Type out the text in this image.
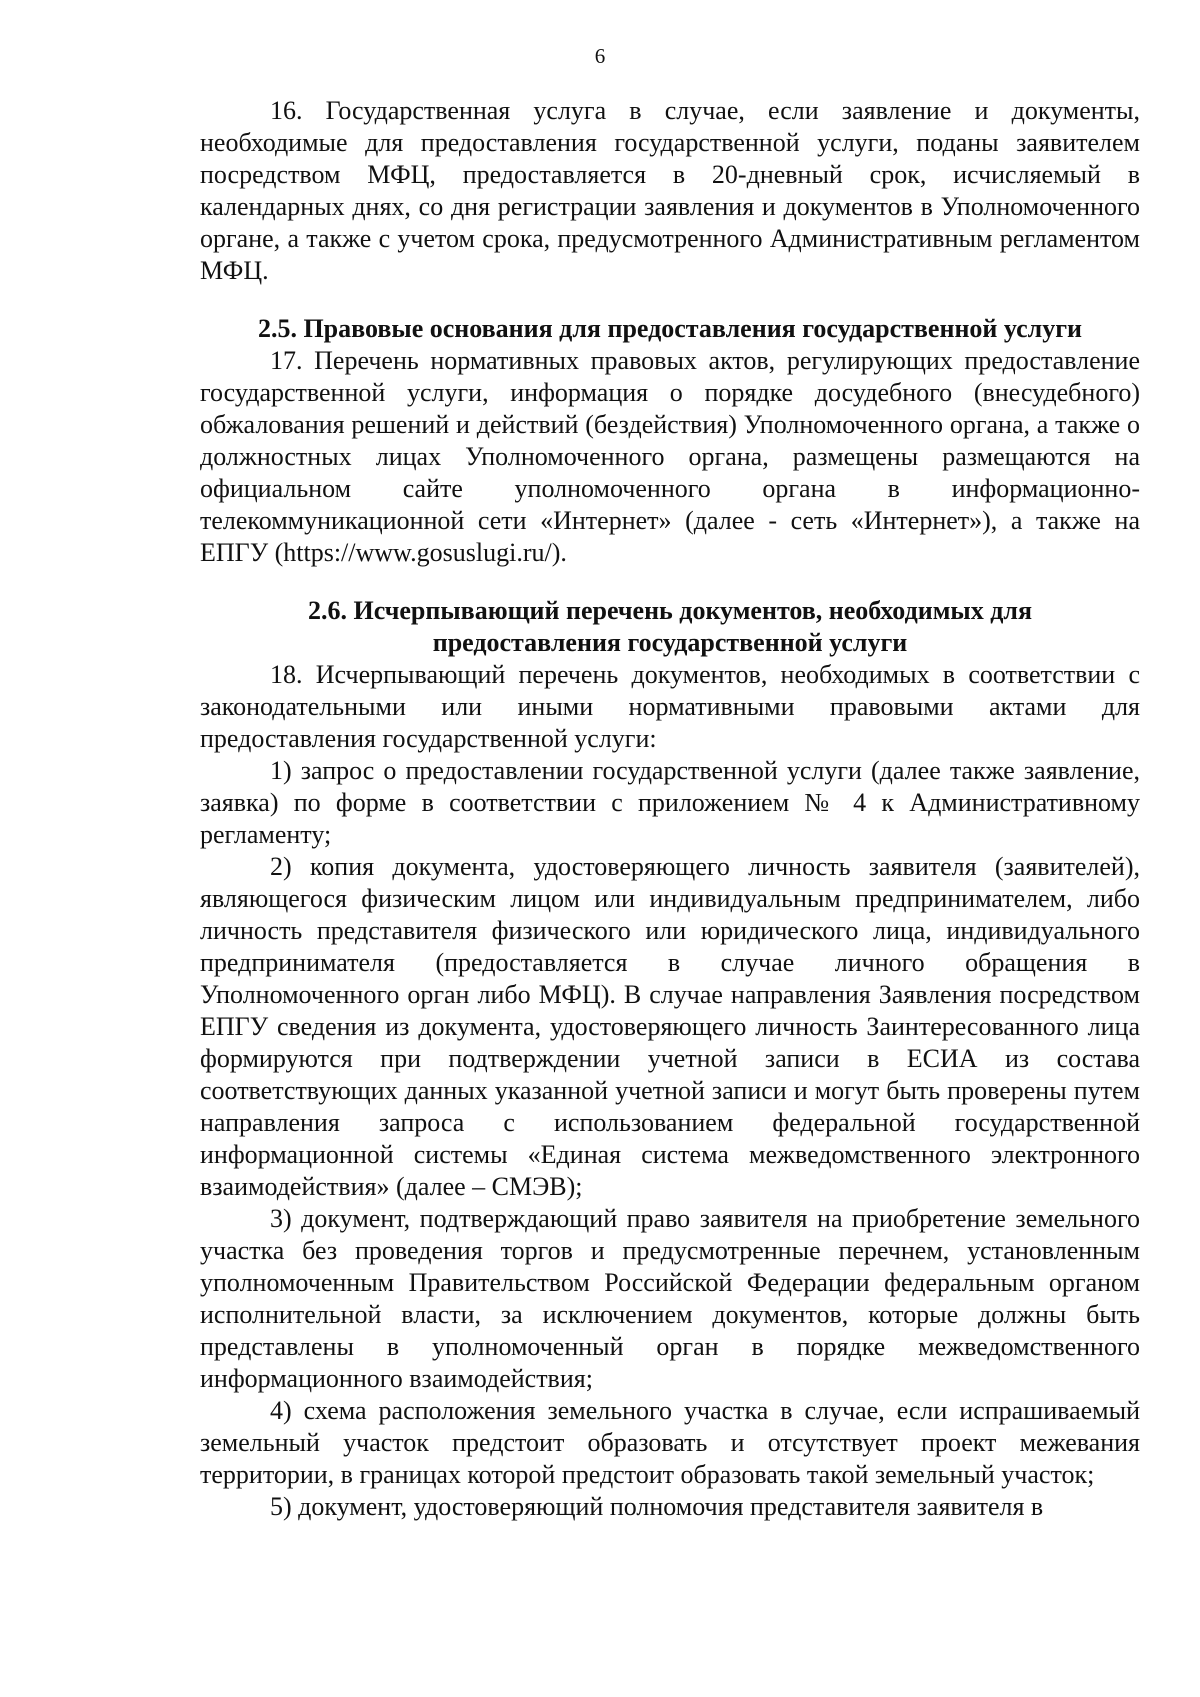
6

16. Государственная услуга в случае, если заявление и документы, необходимые для предоставления государственной услуги, поданы заявителем посредством МФЦ, предоставляется в 20-дневный срок, исчисляемый в календарных днях, со дня регистрации заявления и документов в Уполномоченного органе, а также с учетом срока, предусмотренного Административным регламентом МФЦ.

2.5. Правовые основания для предоставления государственной услуги

17. Перечень нормативных правовых актов, регулирующих предоставление государственной услуги, информация о порядке досудебного (внесудебного) обжалования решений и действий (бездействия) Уполномоченного органа, а также о должностных лицах Уполномоченного органа, размещены размещаются на официальном сайте уполномоченного органа в информационно-телекоммуникационной сети «Интернет» (далее - сеть «Интернет»), а также на ЕПГУ (https://www.gosuslugi.ru/).

2.6. Исчерпывающий перечень документов, необходимых для предоставления государственной услуги

18. Исчерпывающий перечень документов, необходимых в соответствии с законодательными или иными нормативными правовыми актами для предоставления государственной услуги:

1) запрос о предоставлении государственной услуги (далее также заявление, заявка) по форме в соответствии с приложением № 4 к Административному регламенту;

2) копия документа, удостоверяющего личность заявителя (заявителей), являющегося физическим лицом или индивидуальным предпринимателем, либо личность представителя физического или юридического лица, индивидуального предпринимателя (предоставляется в случае личного обращения в Уполномоченного орган либо МФЦ). В случае направления Заявления посредством ЕПГУ сведения из документа, удостоверяющего личность Заинтересованного лица формируются при подтверждении учетной записи в ЕСИА из состава соответствующих данных указанной учетной записи и могут быть проверены путем направления запроса с использованием федеральной государственной информационной системы «Единая система межведомственного электронного взаимодействия» (далее – СМЭВ);

3) документ, подтверждающий право заявителя на приобретение земельного участка без проведения торгов и предусмотренные перечнем, установленным уполномоченным Правительством Российской Федерации федеральным органом исполнительной власти, за исключением документов, которые должны быть представлены в уполномоченный орган в порядке межведомственного информационного взаимодействия;

4) схема расположения земельного участка в случае, если испрашиваемый земельный участок предстоит образовать и отсутствует проект межевания территории, в границах которой предстоит образовать такой земельный участок;

5) документ, удостоверяющий полномочия представителя заявителя в
